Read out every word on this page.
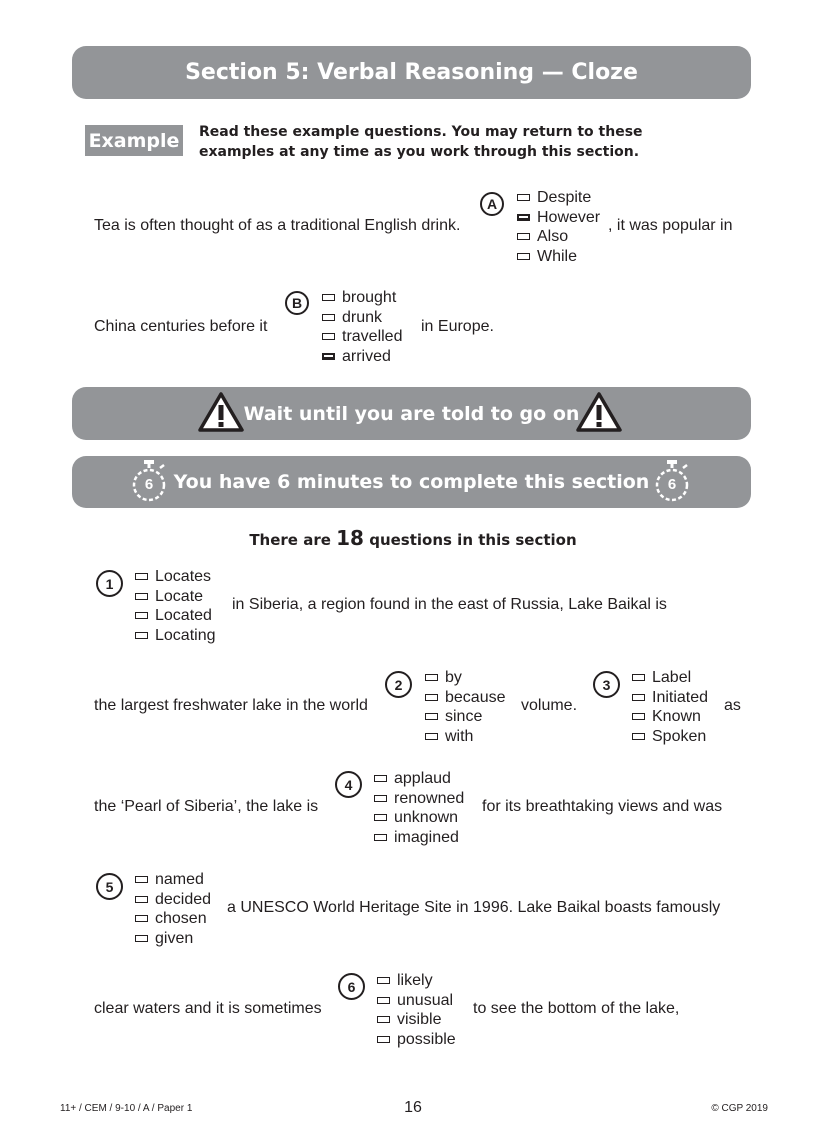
Section 5: Verbal Reasoning — Cloze
Example Read these example questions. You may return to these examples at any time as you work through this section.
Tea is often thought of as a traditional English drink.
A	Despite
However
Also
While
, it was popular in
China centuries before it
B	brought
drunk
travelled
arrived
in Europe.
Wait until you are told to go on
You have 6 minutes to complete this section
6	6
There are 18 questions in this section
1	Locates
Locate
Located
Locating
in Siberia, a region found in the east of Russia, Lake Baikal is
the largest freshwater lake in the world
2	by
because
since
with
volume.
3	Label
Initiated
Known
Spoken
as
the ‘Pearl of Siberia’, the lake is
4	applaud
renowned
unknown
imagined
for its breathtaking views and was
5	named
decided
chosen
given
a UNESCO World Heritage Site in 1996. Lake Baikal boasts famously
clear waters and it is sometimes
6	likely
unusual
visible
possible
to see the bottom of the lake,
11+ / CEM / 9-10 / A / Paper 1	16	© CGP 2019
